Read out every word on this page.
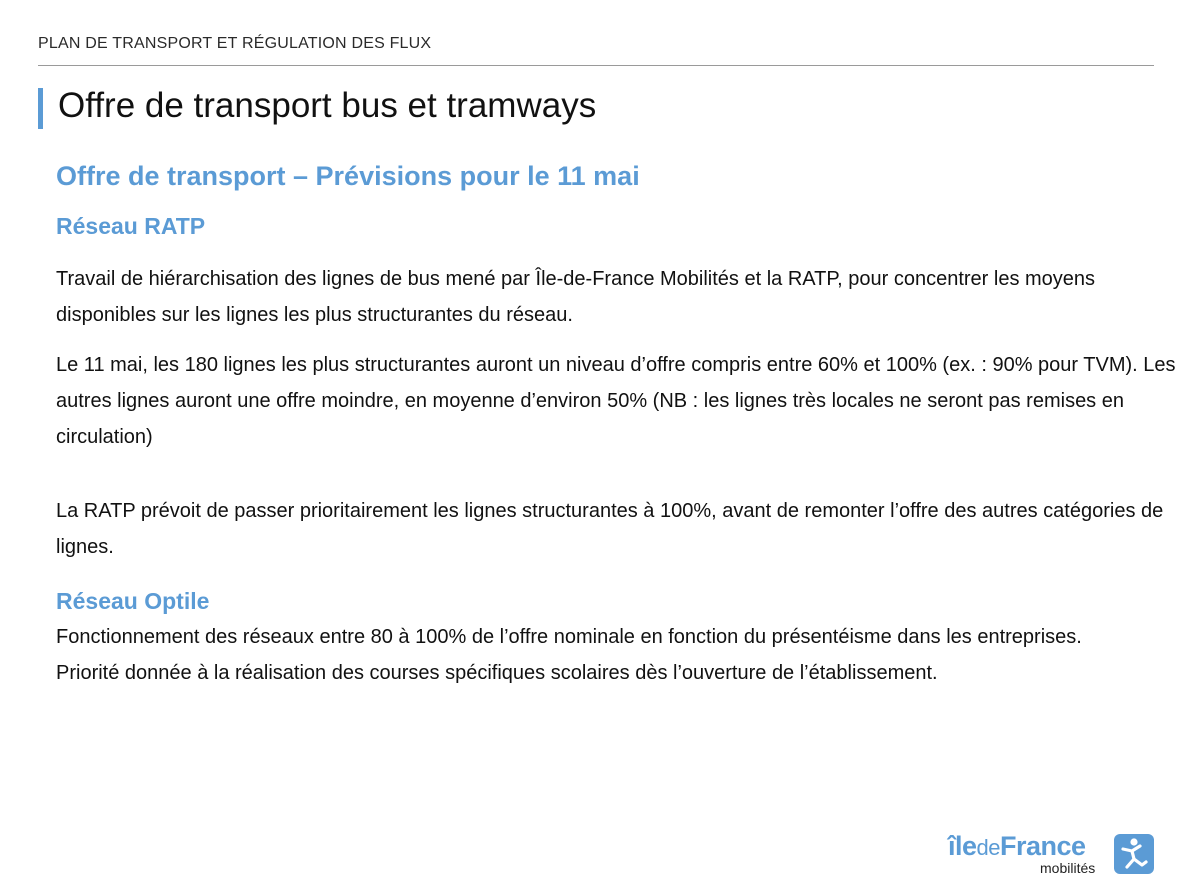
PLAN DE TRANSPORT ET RÉGULATION DES FLUX
Offre de transport bus et tramways
Offre de transport – Prévisions pour le 11 mai
Réseau RATP

Travail de hiérarchisation des lignes de bus mené par Île-de-France Mobilités et la RATP, pour concentrer les moyens disponibles sur les lignes les plus structurantes du réseau.

Le 11 mai, les 180 lignes les plus structurantes auront un niveau d’offre compris entre 60% et 100% (ex. : 90% pour TVM). Les autres lignes auront une offre moindre, en moyenne d’environ 50% (NB : les lignes très locales ne seront pas remises en circulation)

La RATP prévoit de passer prioritairement les lignes structurantes à 100%, avant de remonter l’offre des autres catégories de lignes.

Réseau Optile

Fonctionnement des réseaux entre 80 à 100% de l’offre nominale en fonction du présentéisme dans les entreprises.

Priorité donnée à la réalisation des courses spécifiques scolaires dès l’ouverture de l’établissement.

îledeFrance
mobilités
